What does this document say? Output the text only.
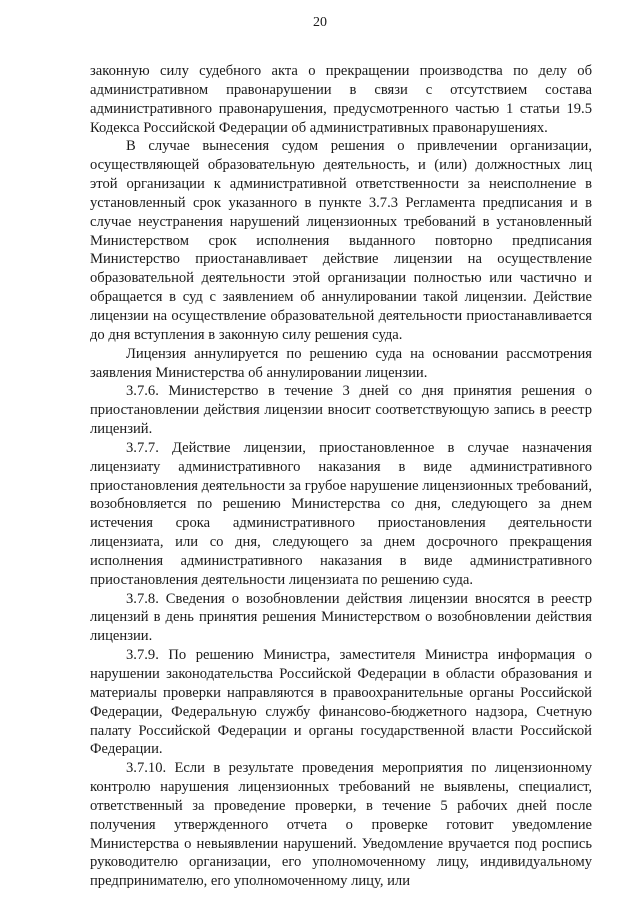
20

законную силу судебного акта о прекращении производства по делу об административном правонарушении в связи с отсутствием состава административного правонарушения, предусмотренного частью 1 статьи 19.5 Кодекса Российской Федерации об административных правонарушениях.

В случае вынесения судом решения о привлечении организации, осуществляющей образовательную деятельность, и (или) должностных лиц этой организации к административной ответственности за неисполнение в установленный срок указанного в пункте 3.7.3 Регламента предписания и в случае неустранения нарушений лицензионных требований в установленный Министерством срок исполнения выданного повторно предписания Министерство приостанавливает действие лицензии на осуществление образовательной деятельности этой организации полностью или частично и обращается в суд с заявлением об аннулировании такой лицензии. Действие лицензии на осуществление образовательной деятельности приостанавливается до дня вступления в законную силу решения суда.

Лицензия аннулируется по решению суда на основании рассмотрения заявления Министерства об аннулировании лицензии.

3.7.6. Министерство в течение 3 дней со дня принятия решения о приостановлении действия лицензии вносит соответствующую запись в реестр лицензий.

3.7.7. Действие лицензии, приостановленное в случае назначения лицензиату административного наказания в виде административного приостановления деятельности за грубое нарушение лицензионных требований, возобновляется по решению Министерства со дня, следующего за днем истечения срока административного приостановления деятельности лицензиата, или со дня, следующего за днем досрочного прекращения исполнения административного наказания в виде административного приостановления деятельности лицензиата по решению суда.

3.7.8. Сведения о возобновлении действия лицензии вносятся в реестр лицензий в день принятия решения Министерством о возобновлении действия лицензии.

3.7.9. По решению Министра, заместителя Министра информация о нарушении законодательства Российской Федерации в области образования и материалы проверки направляются в правоохранительные органы Российской Федерации, Федеральную службу финансово-бюджетного надзора, Счетную палату Российской Федерации и органы государственной власти Российской Федерации.

3.7.10. Если в результате проведения мероприятия по лицензионному контролю нарушения лицензионных требований не выявлены, специалист, ответственный за проведение проверки, в течение 5 рабочих дней после получения утвержденного отчета о проверке готовит уведомление Министерства о невыявлении нарушений. Уведомление вручается под роспись руководителю организации, его уполномоченному лицу, индивидуальному предпринимателю, его уполномоченному лицу, или
